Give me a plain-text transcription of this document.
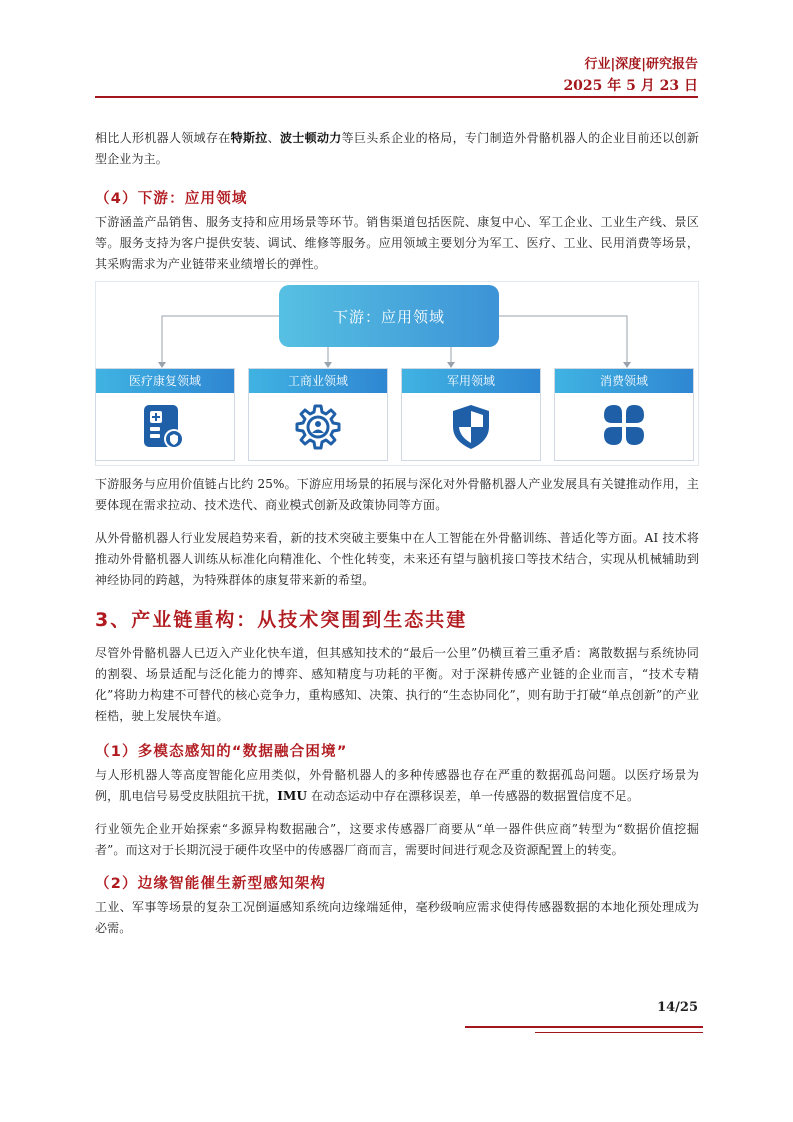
行业|深度|研究报告
2025 年 5 月 23 日

相比人形机器人领域存在特斯拉、波士顿动力等巨头系企业的格局，专门制造外骨骼机器人的企业目前还以创新型企业为主。

（4）下游：应用领域

下游涵盖产品销售、服务支持和应用场景等环节。销售渠道包括医院、康复中心、军工企业、工业生产线、景区等。服务支持为客户提供安装、调试、维修等服务。应用领域主要划分为军工、医疗、工业、民用消费等场景，其采购需求为产业链带来业绩增长的弹性。

下游：应用领域
医疗康复领域	工商业领域	军用领域	消费领域

下游服务与应用价值链占比约 25%。下游应用场景的拓展与深化对外骨骼机器人产业发展具有关键推动作用，主要体现在需求拉动、技术迭代、商业模式创新及政策协同等方面。

从外骨骼机器人行业发展趋势来看，新的技术突破主要集中在人工智能在外骨骼训练、普适化等方面。AI 技术将推动外骨骼机器人训练从标准化向精准化、个性化转变，未来还有望与脑机接口等技术结合，实现从机械辅助到神经协同的跨越，为特殊群体的康复带来新的希望。

3、产业链重构：从技术突围到生态共建

尽管外骨骼机器人已迈入产业化快车道，但其感知技术的“最后一公里”仍横亘着三重矛盾：离散数据与系统协同的割裂、场景适配与泛化能力的博弈、感知精度与功耗的平衡。对于深耕传感产业链的企业而言，“技术专精化”将助力构建不可替代的核心竞争力，重构感知、决策、执行的“生态协同化”，则有助于打破“单点创新”的产业桎梏，驶上发展快车道。

（1）多模态感知的“数据融合困境”

与人形机器人等高度智能化应用类似，外骨骼机器人的多种传感器也存在严重的数据孤岛问题。以医疗场景为例，肌电信号易受皮肤阻抗干扰，IMU 在动态运动中存在漂移误差，单一传感器的数据置信度不足。

行业领先企业开始探索“多源异构数据融合”，这要求传感器厂商要从“单一器件供应商”转型为“数据价值挖掘者”。而这对于长期沉浸于硬件攻坚中的传感器厂商而言，需要时间进行观念及资源配置上的转变。

（2）边缘智能催生新型感知架构

工业、军事等场景的复杂工况倒逼感知系统向边缘端延伸，毫秒级响应需求使得传感器数据的本地化预处理成为必需。

14/25
